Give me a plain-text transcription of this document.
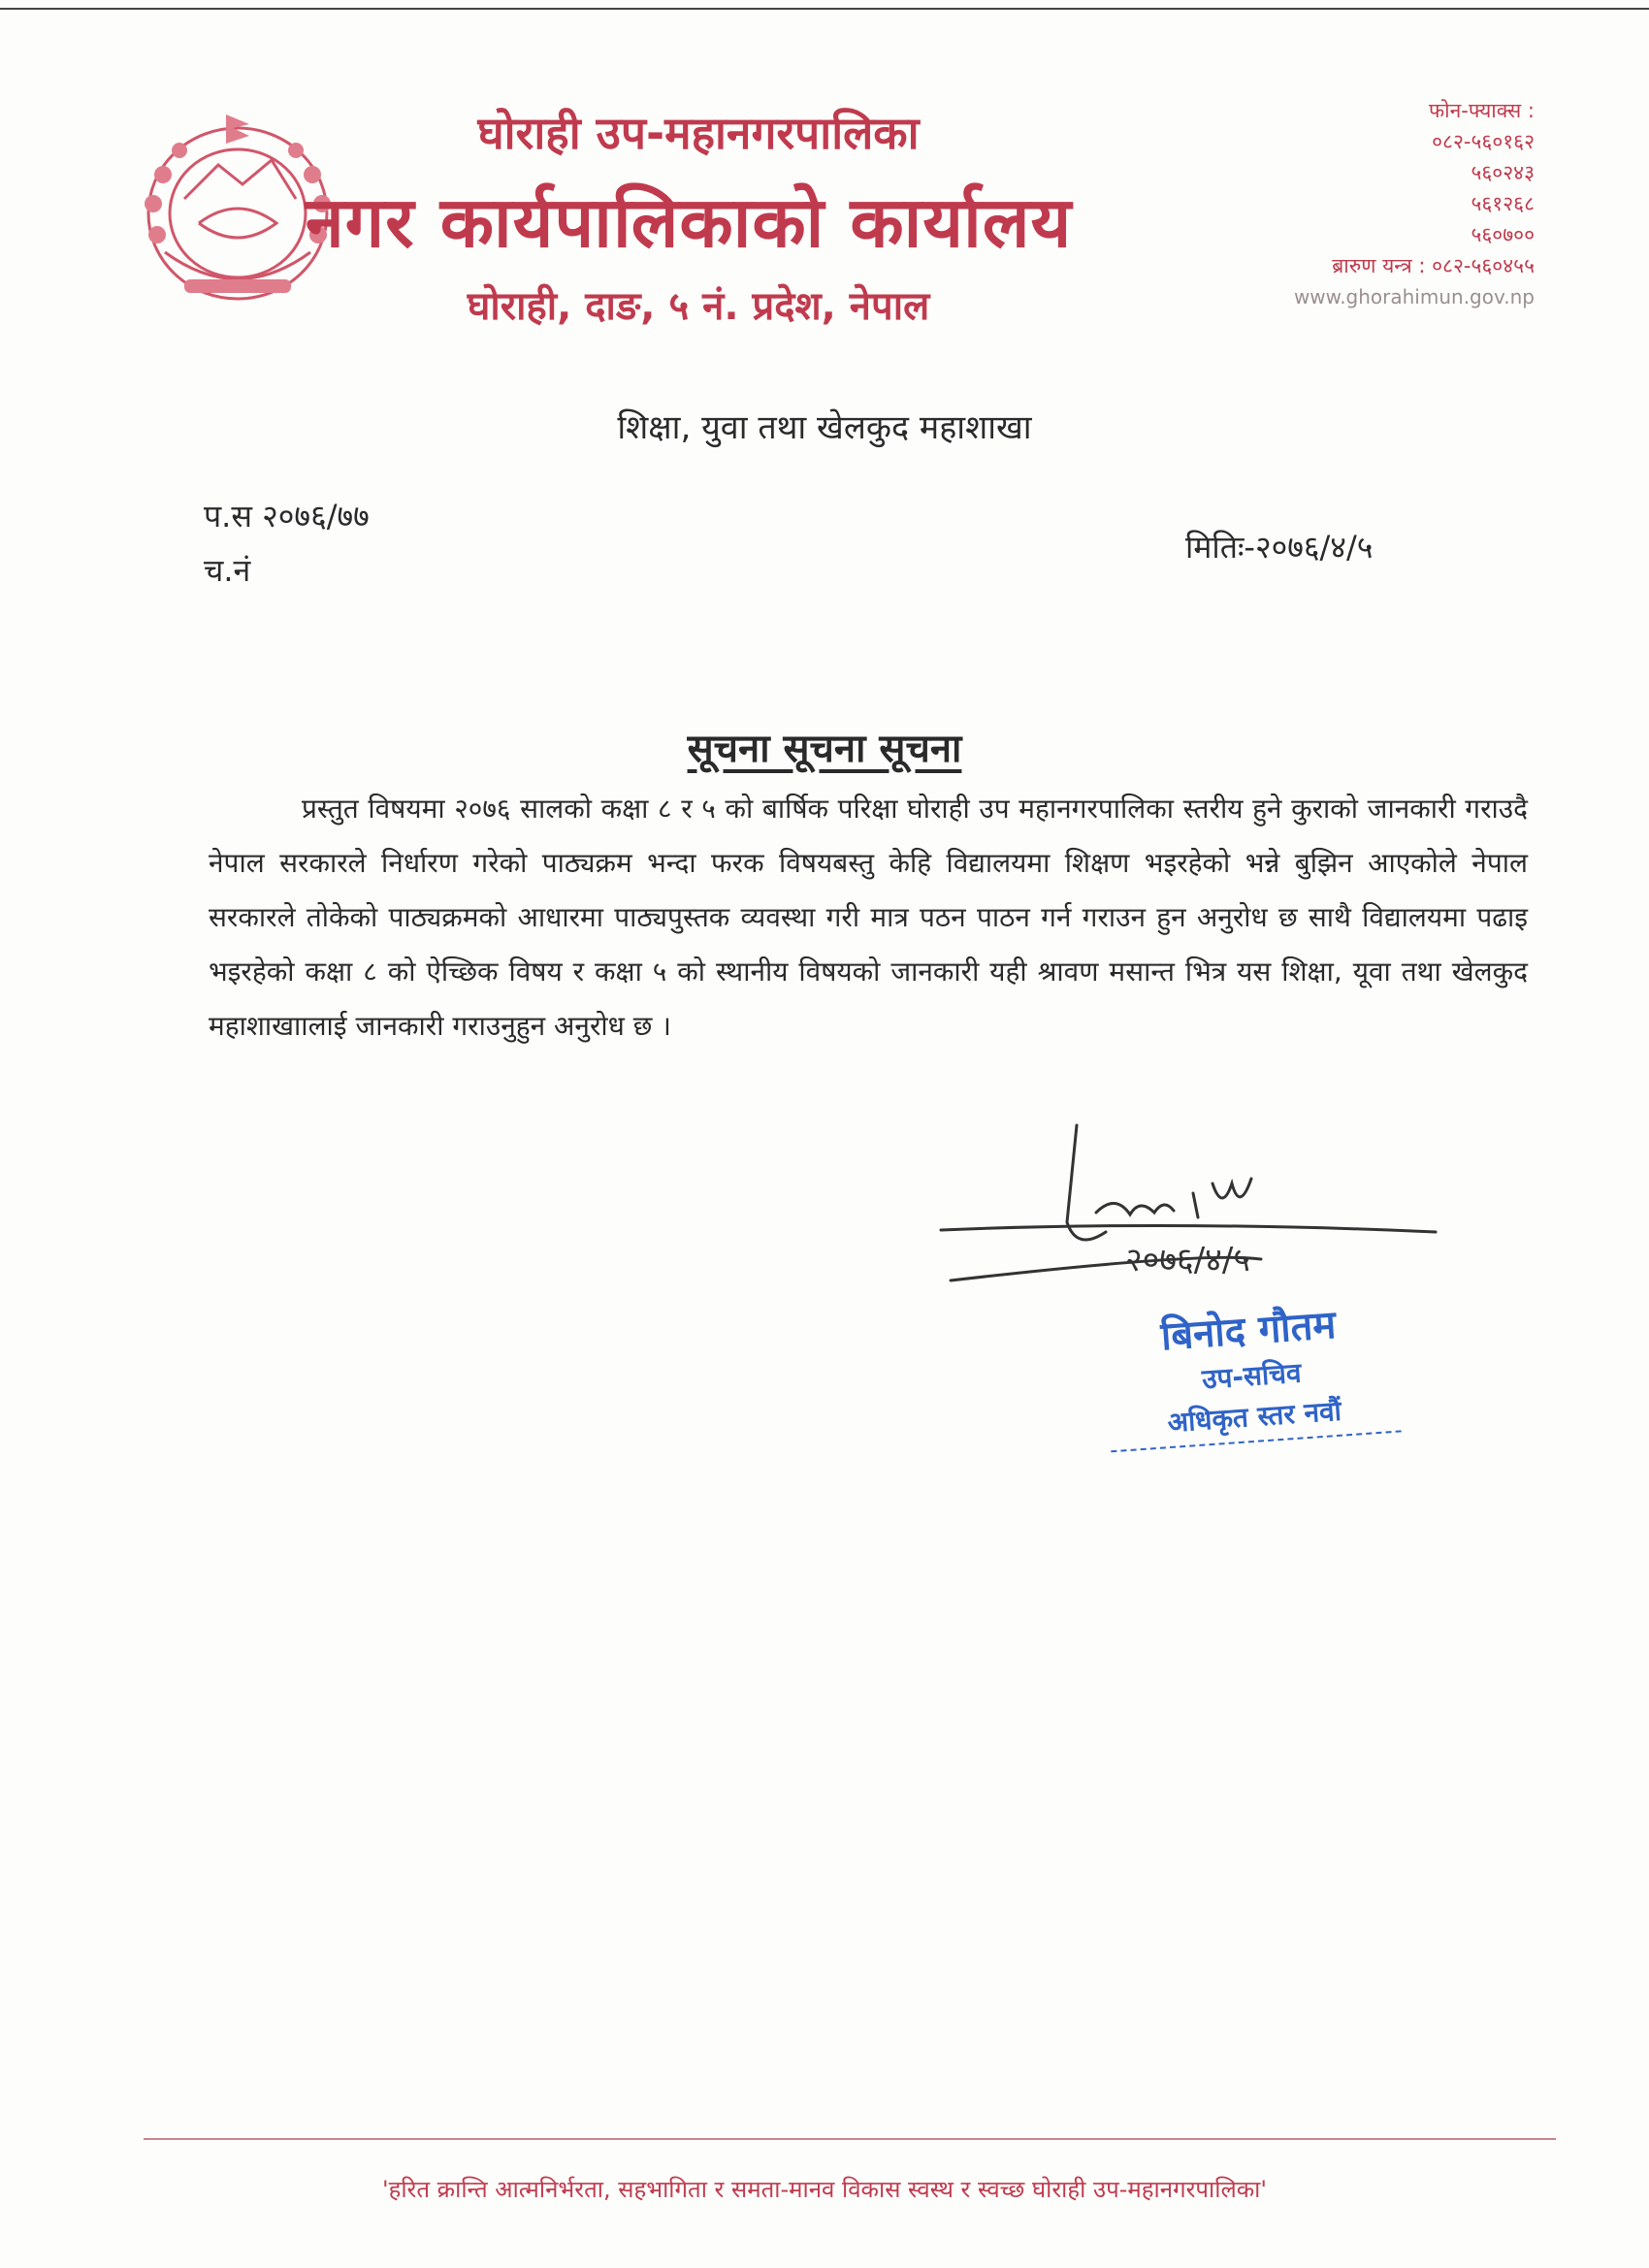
घोराही उप-महानगरपालिका
नगर कार्यपालिकाको कार्यालय
घोराही, दाङ, ५ नं. प्रदेश, नेपाल
फोन-फ्याक्स :
०८२-५६०१६२
५६०२४३
५६१२६८
५६०७००
ब्रारुण यन्त्र : ०८२-५६०४५५
www.ghorahimun.gov.np
शिक्षा, युवा तथा खेलकुद महाशाखा
प.स २०७६/७७
च.नं
मितिः-२०७६/४/५
सूचना सूचना सूचना
प्रस्तुत विषयमा २०७६ सालको कक्षा ८ र ५ को बार्षिक परिक्षा घोराही उप महानगरपालिका स्तरीय हुने कुराको जानकारी गराउदै नेपाल सरकारले निर्धारण गरेको पाठ्यक्रम भन्दा फरक विषयबस्तु केहि विद्यालयमा शिक्षण भइरहेको भन्ने बुझिन आएकोले नेपाल सरकारले तोकेको पाठ्यक्रमको आधारमा पाठ्यपुस्तक व्यवस्था गरी मात्र पठन पाठन गर्न गराउन हुन अनुरोध छ साथै विद्यालयमा पढाइ भइरहेको कक्षा ८ को ऐच्छिक विषय र कक्षा ५ को स्थानीय विषयको जानकारी यही श्रावण मसान्त भित्र यस शिक्षा, यूवा तथा खेलकुद महाशाखाालाई जानकारी गराउनुहुन अनुरोध छ ।
२०७६/४/५
बिनोद गौतम
उप-सचिव
अधिकृत स्तर नवौं
'हरित क्रान्ति आत्मनिर्भरता, सहभागिता र समता-मानव विकास स्वस्थ र स्वच्छ घोराही उप-महानगरपालिका'
